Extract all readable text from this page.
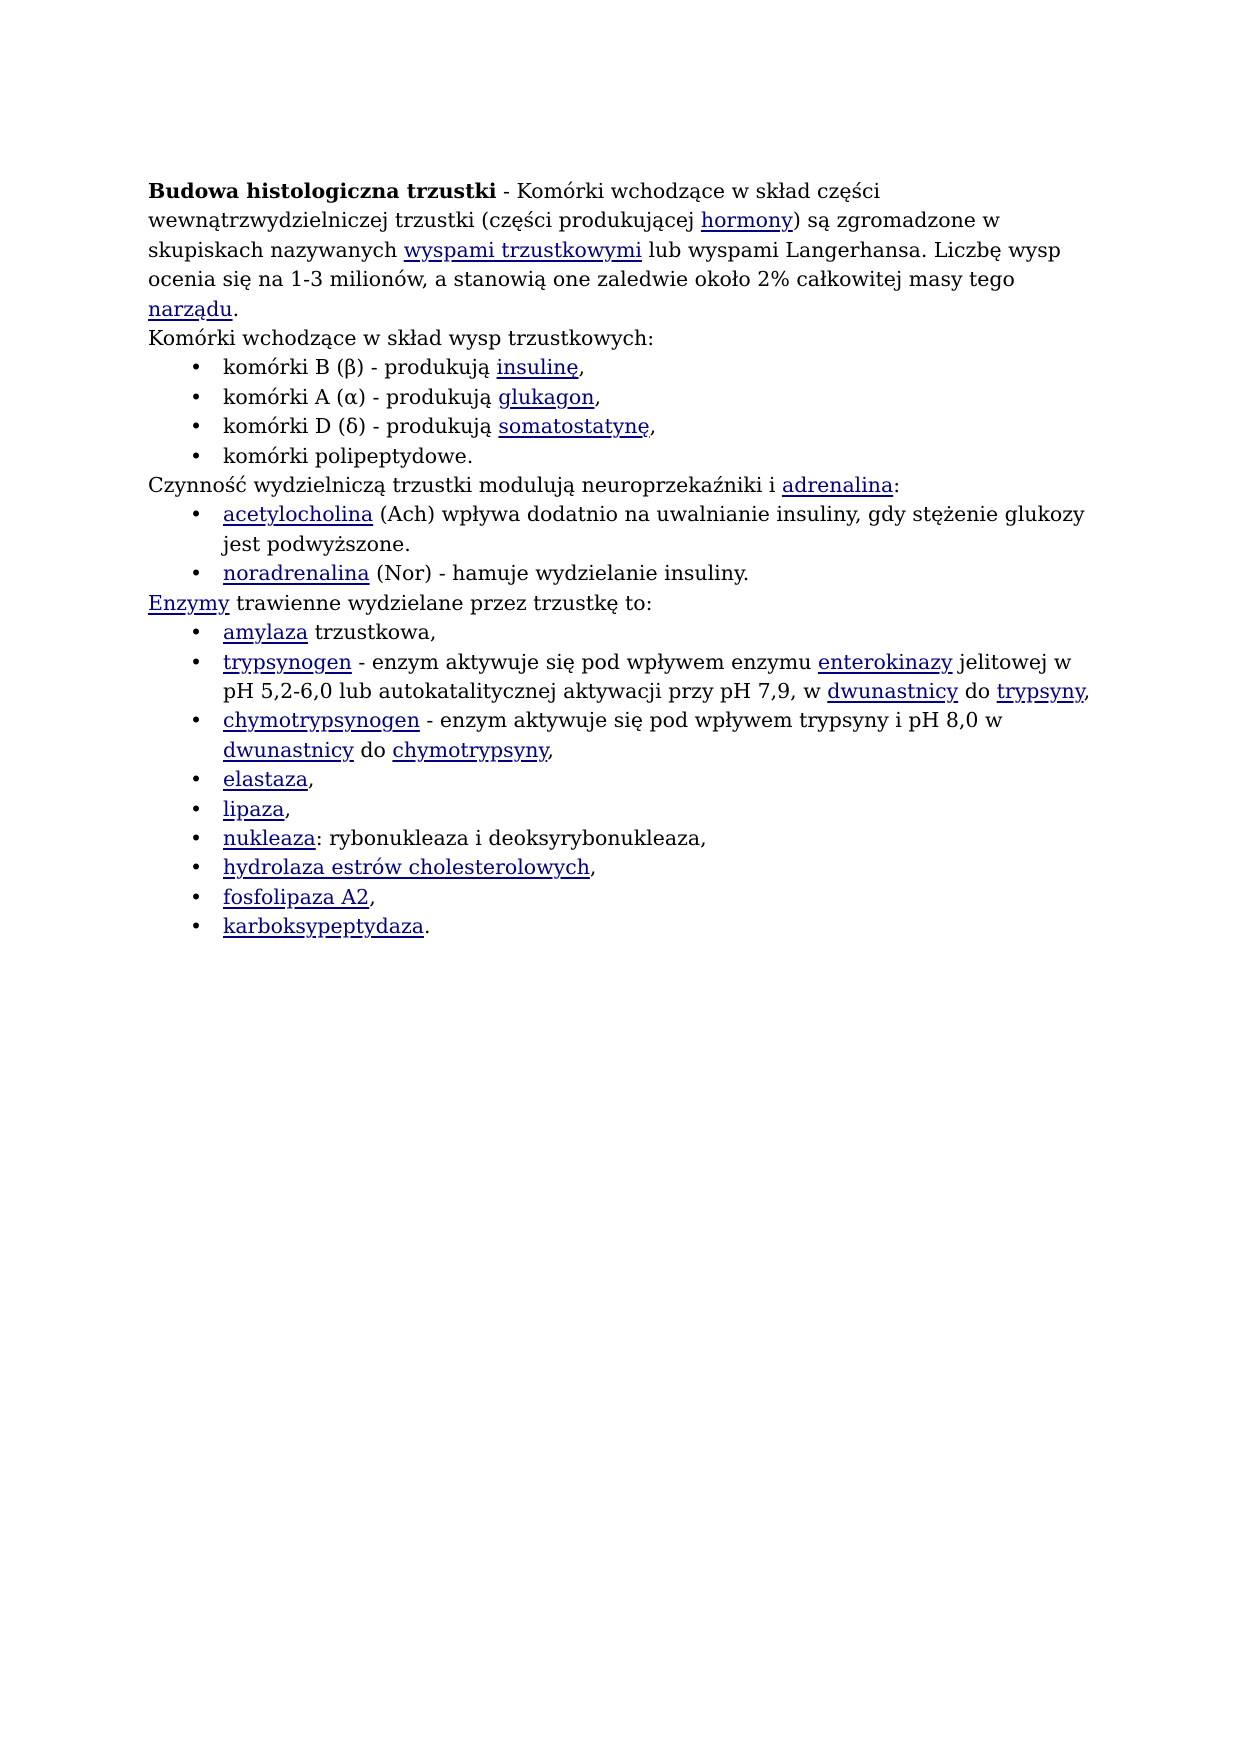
Budowa histologiczna trzustki - Komórki wchodzące w skład części wewnątrzwydzielniczej trzustki (części produkującej hormony) są zgromadzone w skupiskach nazywanych wyspami trzustkowymi lub wyspami Langerhansa. Liczbę wysp ocenia się na 1-3 milionów, a stanowią one zaledwie około 2% całkowitej masy tego narządu.

Komórki wchodzące w skład wysp trzustkowych:

• komórki B (β) - produkują insulinę,
• komórki A (α) - produkują glukagon,
• komórki D (δ) - produkują somatostatynę,
• komórki polipeptydowe.

Czynność wydzielniczą trzustki modulują neuroprzekaźniki i adrenalina:

• acetylocholina (Ach) wpływa dodatnio na uwalnianie insuliny, gdy stężenie glukozy jest podwyższone.
• noradrenalina (Nor) - hamuje wydzielanie insuliny.

Enzymy trawienne wydzielane przez trzustkę to:

• amylaza trzustkowa,
• trypsynogen - enzym aktywuje się pod wpływem enzymu enterokinazy jelitowej w pH 5,2-6,0 lub autokatalitycznej aktywacji przy pH 7,9, w dwunastnicy do trypsyny,
• chymotrypsynogen - enzym aktywuje się pod wpływem trypsyny i pH 8,0 w dwunastnicy do chymotrypsyny,
• elastaza,
• lipaza,
• nukleaza: rybonukleaza i deoksyrybonukleaza,
• hydrolaza estrów cholesterolowych,
• fosfolipaza A2,
• karboksypeptydaza.
